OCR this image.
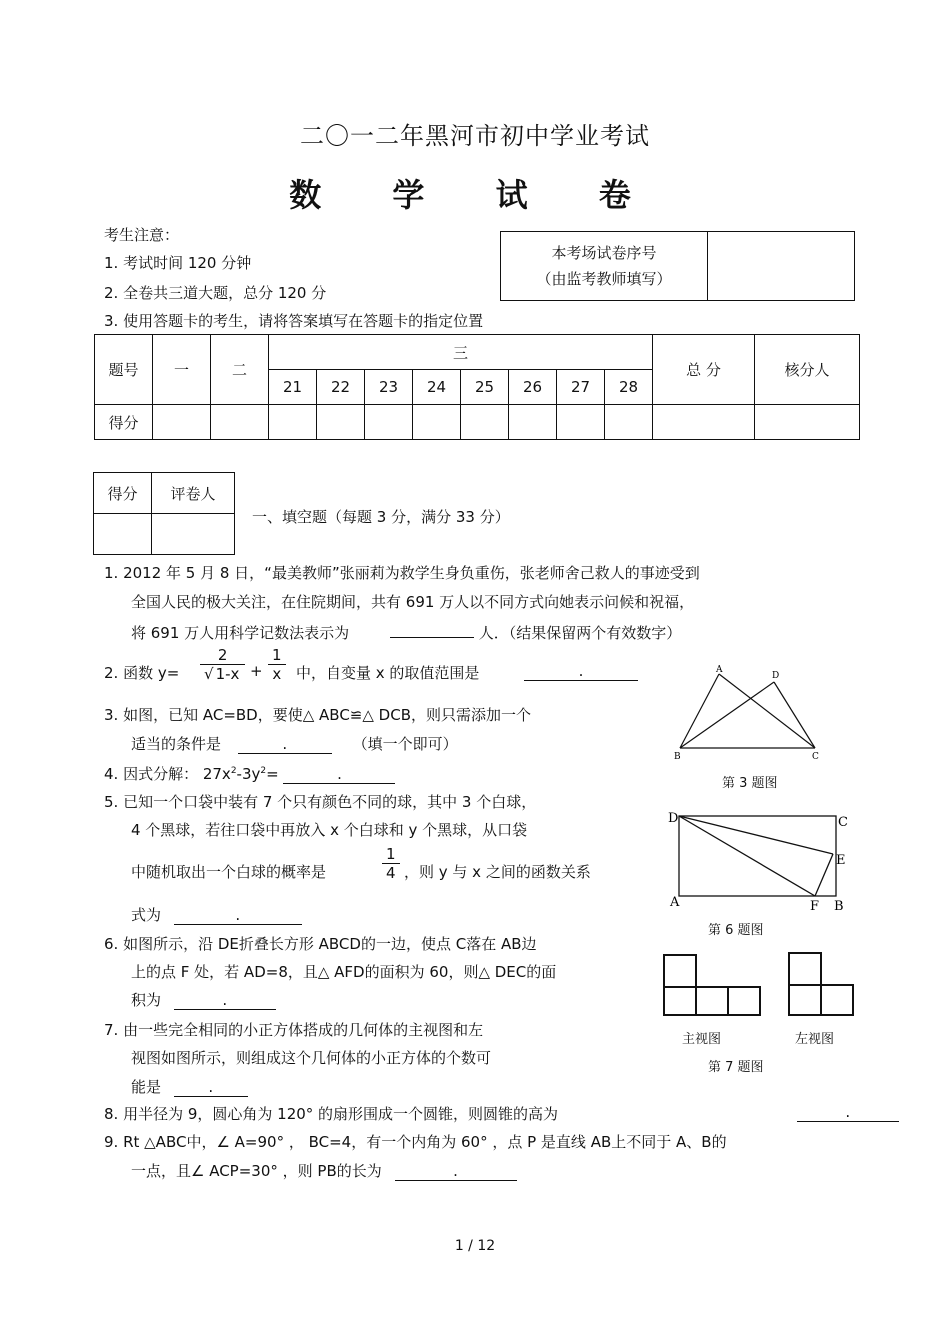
二〇一二年黑河市初中学业考试
数 学 试 卷
考生注意：
1. 考试时间 120 分钟
2. 全卷共三道大题，总分 120 分
3. 使用答题卡的考生，请将答案填写在答题卡的指定位置
本考场试卷序号
（由监考教师填写）

题号	一	二	三								总 分	核分人
			21	22	23	24	25	26	27	28		
得分												
得分	评卷人

一、填空题（每题 3 分，满分 33 分）
1. 2012 年 5 月 8 日，“最美教师”张丽莉为救学生身负重伤，张老师舍己救人的事迹受到
全国人民的极大关注，在住院期间，共有 691 万人以不同方式向她表示问候和祝福，
将 691 万人用科学记数法表示为	人．（结果保留两个有效数字）
2. 函数 $y= \frac{2}{√ 1-x} + \frac{1}{x}$ 中，自变量 x 的取值范围是	.
3. 如图，已知 AC=BD，要使△ ABC≌△ DCB，则只需添加一个
适当的条件是	.	（填一个即可）
4. 因式分解： $27x^2-3y^2=$	.
5. 已知一个口袋中装有 7 个只有颜色不同的球，其中 3 个白球，
4 个黑球，若往口袋中再放入 x 个白球和 y 个黑球，从口袋
中随机取出一个白球的概率是	$\frac{1}{4}$ ，则 y 与 x 之间的函数关系
式为	.
6. 如图所示，沿 DE折叠长方形 ABCD的一边，使点 C落在 AB边
上的点 F 处，若 AD=8，且△ AFD的面积为 60，则△ DEC的面
积为	.
7. 由一些完全相同的小正方体搭成的几何体的主视图和左
视图如图所示，则组成这个几何体的小正方体的个数可
能是	.
8. 用半径为 9，圆心角为 120° 的扇形围成一个圆锥，则圆锥的高为	.
9. Rt △ABC中，∠ A=90° ， BC=4，有一个内角为 60° ，点 P 是直线 AB上不同于 A、B的
一点，且∠ ACP=30° ，则 PB的长为	.
A
D
B	C
第 3 题图
D	C
E
A	F B
第 6 题图
主视图	左视图
第 7 题图
1 / 12
